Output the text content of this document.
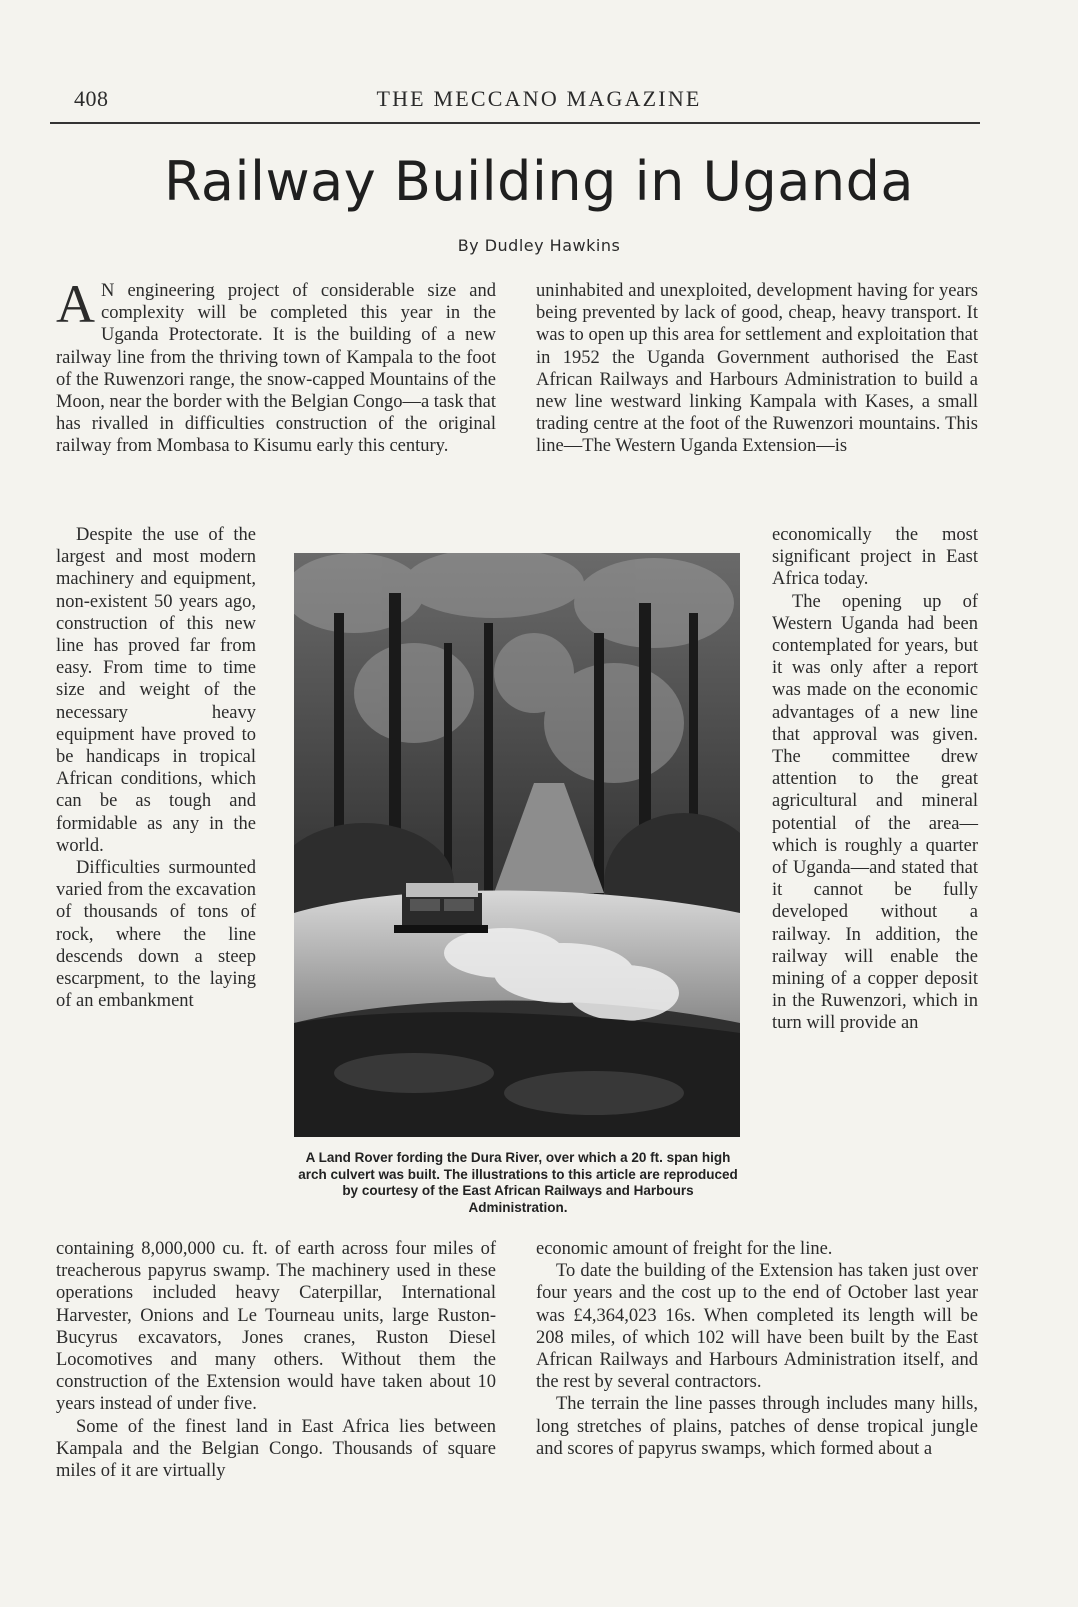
408	THE MECCANO MAGAZINE
Railway Building in Uganda
By Dudley Hawkins

A N engineering project of considerable size and complexity will be completed this year in the Uganda Protectorate. It is the building of a new railway line from the thriving town of Kampala to the foot of the Ruwenzori range, the snow-capped Mountains of the Moon, near the border with the Belgian Congo—a task that has rivalled in difficulties construction of the original railway from Mombasa to Kisumu early this century.

Despite the use of the largest and most modern machinery and equipment, non-existent 50 years ago, construction of this new line has proved far from easy. From time to time size and weight of the necessary heavy equipment have proved to be handicaps in tropical African conditions, which can be as tough and formidable as any in the world.

Difficulties surmounted varied from the excavation of thousands of tons of rock, where the line descends down a steep escarpment, to the laying of an embankment

containing 8,000,000 cu. ft. of earth across four miles of treacherous papyrus swamp. The machinery used in these operations included heavy Caterpillar, International Harvester, Onions and Le Tourneau units, large Ruston-Bucyrus excavators, Jones cranes, Ruston Diesel Locomotives and many others. Without them the construction of the Extension would have taken about 10 years instead of under five.

Some of the finest land in East Africa lies between Kampala and the Belgian Congo. Thousands of square miles of it are virtually

uninhabited and unexploited, development having for years being prevented by lack of good, cheap, heavy transport. It was to open up this area for settlement and exploitation that in 1952 the Uganda Government authorised the East African Railways and Harbours Administration to build a new line westward linking Kampala with Kases, a small trading centre at the foot of the Ruwenzori mountains. This line—The Western Uganda Extension—is

economically the most significant project in East Africa today.

The opening up of Western Uganda had been contemplated for years, but it was only after a report was made on the economic advantages of a new line that approval was given. The committee drew attention to the great agricultural and mineral potential of the area—which is roughly a quarter of Uganda—and stated that it cannot be fully developed without a railway. In addition, the railway will enable the mining of a copper deposit in the Ruwenzori, which in turn will provide an

economic amount of freight for the line.

To date the building of the Extension has taken just over four years and the cost up to the end of October last year was £4,364,023 16s. When completed its length will be 208 miles, of which 102 will have been built by the East African Railways and Harbours Administration itself, and the rest by several contractors.

The terrain the line passes through includes many hills, long stretches of plains, patches of dense tropical jungle and scores of papyrus swamps, which formed about a

A Land Rover fording the Dura River, over which a 20 ft. span high arch culvert was built. The illustrations to this article are reproduced by courtesy of the East African Railways and Harbours Administration.
